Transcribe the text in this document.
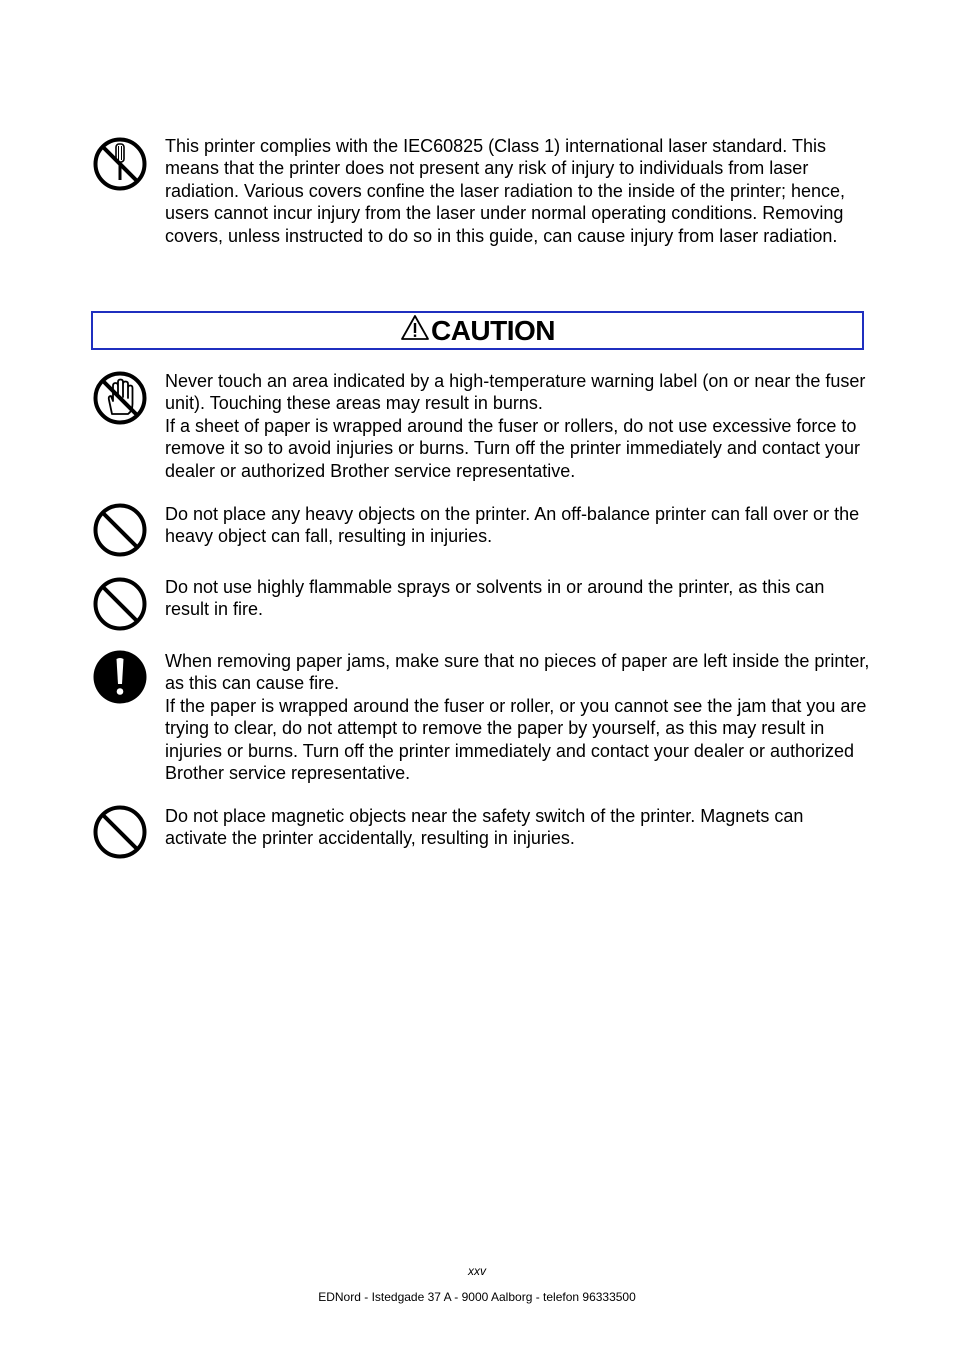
This printer complies with the IEC60825 (Class 1) international laser standard. This means that the printer does not present any risk of injury to individuals from laser radiation. Various covers confine the laser radiation to the inside of the printer; hence, users cannot incur injury from the laser under normal operating conditions. Removing covers, unless instructed to do so in this guide, can cause injury from laser radiation.

CAUTION

Never touch an area indicated by a high-temperature warning label (on or near the fuser unit). Touching these areas may result in burns.

If a sheet of paper is wrapped around the fuser or rollers, do not use excessive force to remove it so to avoid injuries or burns. Turn off the printer immediately and contact your dealer or authorized Brother service representative.

Do not place any heavy objects on the printer. An off-balance printer can fall over or the heavy object can fall, resulting in injuries.

Do not use highly flammable sprays or solvents in or around the printer, as this can result in fire.

When removing paper jams, make sure that no pieces of paper are left inside the printer, as this can cause fire.

If the paper is wrapped around the fuser or roller, or you cannot see the jam that you are trying to clear, do not attempt to remove the paper by yourself, as this may result in injuries or burns. Turn off the printer immediately and contact your dealer or authorized Brother service representative.

Do not place magnetic objects near the safety switch of the printer. Magnets can activate the printer accidentally, resulting in injuries.

xxv
EDNord - Istedgade 37 A - 9000 Aalborg - telefon 96333500
